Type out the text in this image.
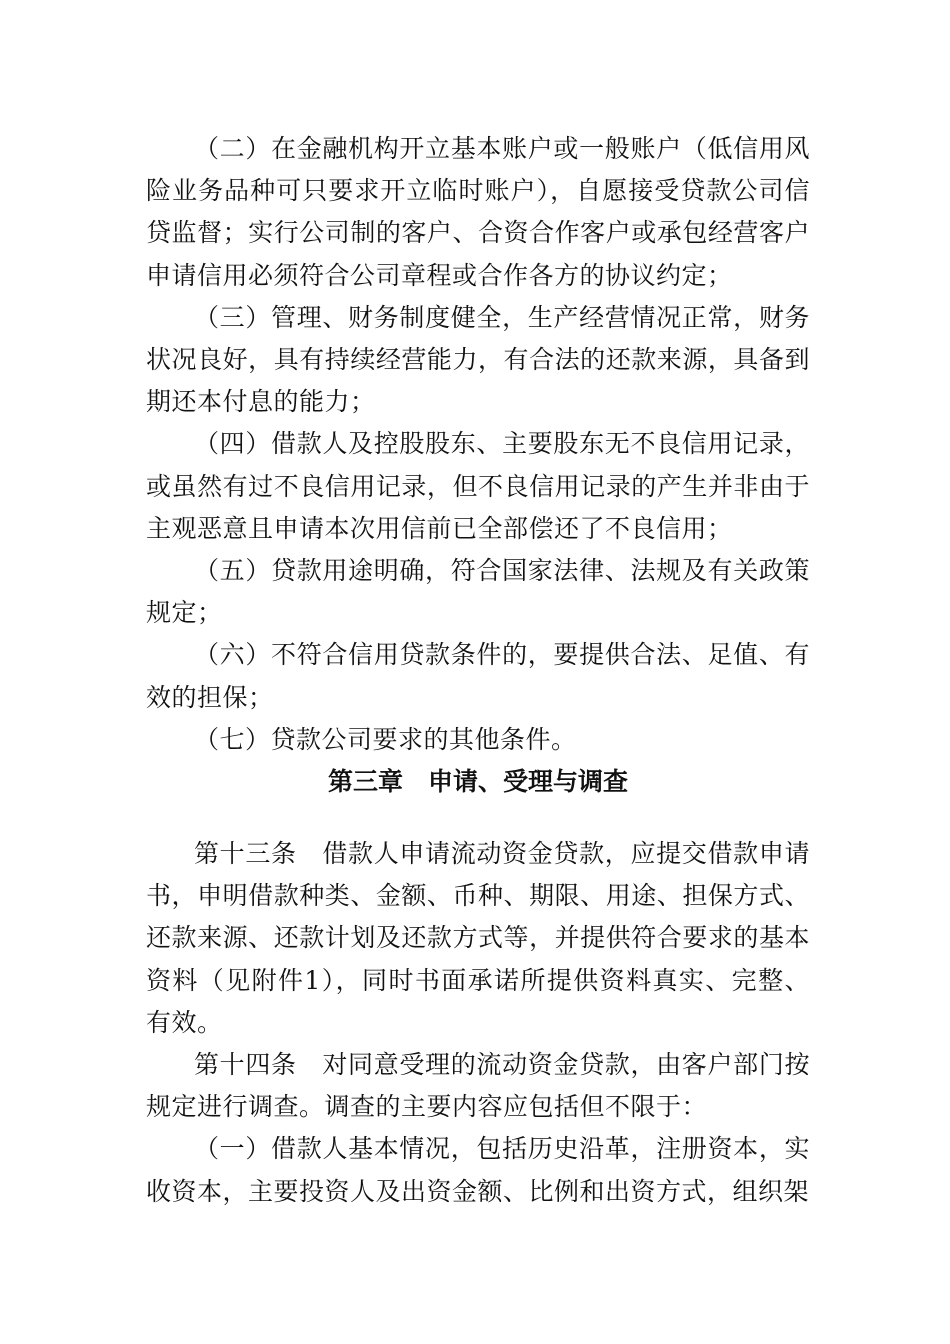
（二）在金融机构开立基本账户或一般账户（低信用风险业务品种可只要求开立临时账户），自愿接受贷款公司信贷监督；实行公司制的客户、合资合作客户或承包经营客户申请信用必须符合公司章程或合作各方的协议约定；

（三）管理、财务制度健全，生产经营情况正常，财务状况良好，具有持续经营能力，有合法的还款来源，具备到期还本付息的能力；

（四）借款人及控股股东、主要股东无不良信用记录，或虽然有过不良信用记录，但不良信用记录的产生并非由于主观恶意且申请本次用信前已全部偿还了不良信用；

（五）贷款用途明确，符合国家法律、法规及有关政策规定；

（六）不符合信用贷款条件的，要提供合法、足值、有效的担保；

（七）贷款公司要求的其他条件。

第三章　申请、受理与调查

第十三条　借款人申请流动资金贷款，应提交借款申请书，申明借款种类、金额、币种、期限、用途、担保方式、还款来源、还款计划及还款方式等，并提供符合要求的基本资料（见附件1），同时书面承诺所提供资料真实、完整、有效。

第十四条　对同意受理的流动资金贷款，由客户部门按规定进行调查。调查的主要内容应包括但不限于：

（一）借款人基本情况，包括历史沿革，注册资本，实收资本，主要投资人及出资金额、比例和出资方式，组织架
